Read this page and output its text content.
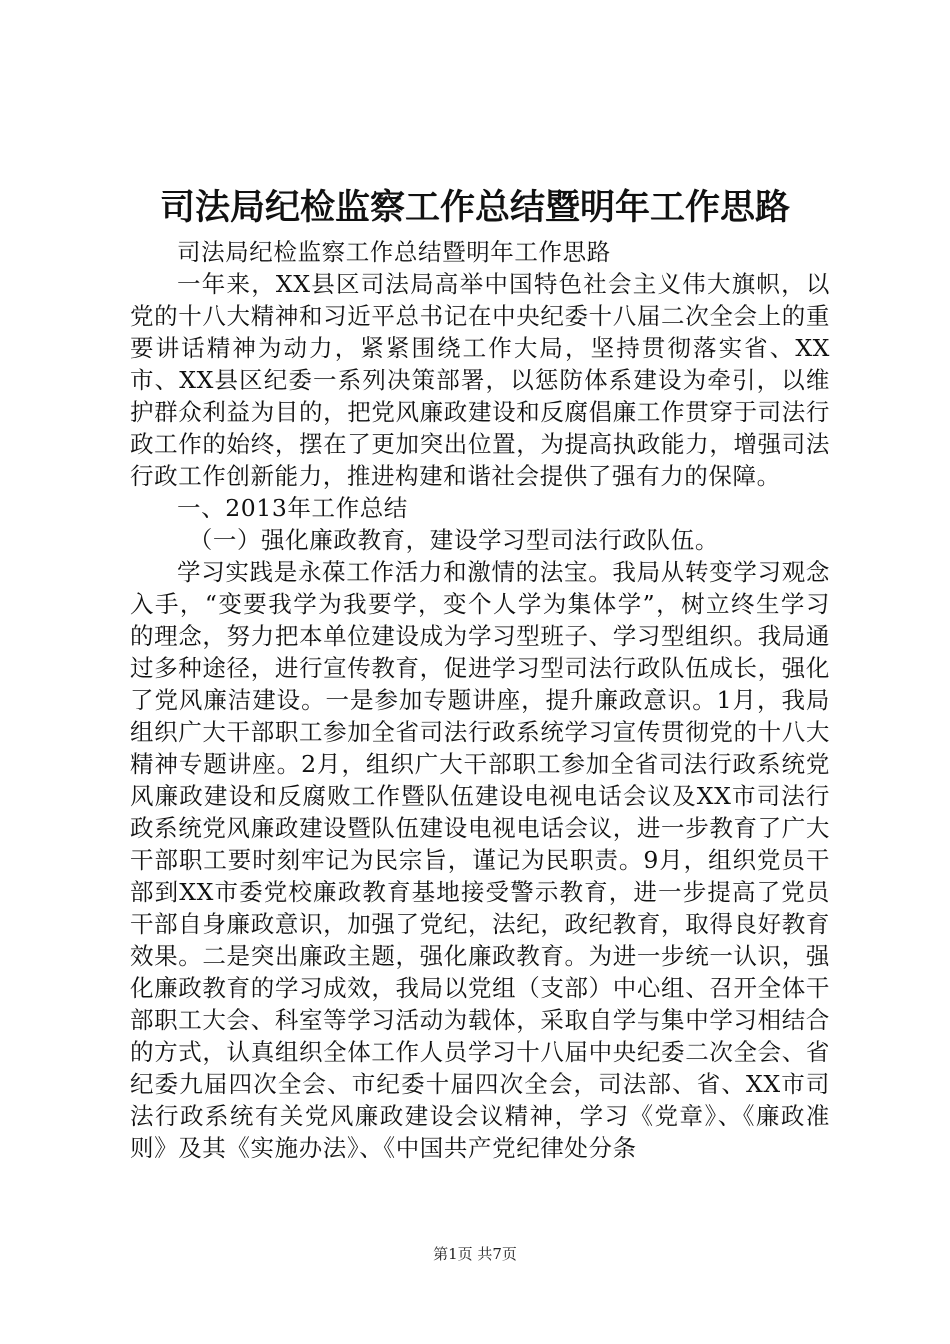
司法局纪检监察工作总结暨明年工作思路

司法局纪检监察工作总结暨明年工作思路

一年来，XX县区司法局高举中国特色社会主义伟大旗帜，以党的十八大精神和习近平总书记在中央纪委十八届二次全会上的重要讲话精神为动力，紧紧围绕工作大局，坚持贯彻落实省、XX市、XX县区纪委一系列决策部署，以惩防体系建设为牵引，以维护群众利益为目的，把党风廉政建设和反腐倡廉工作贯穿于司法行政工作的始终，摆在了更加突出位置，为提高执政能力，增强司法行政工作创新能力，推进构建和谐社会提供了强有力的保障。

一、2013年工作总结

（一）强化廉政教育，建设学习型司法行政队伍。

学习实践是永葆工作活力和激情的法宝。我局从转变学习观念入手，“变要我学为我要学，变个人学为集体学”，树立终生学习的理念，努力把本单位建设成为学习型班子、学习型组织。我局通过多种途径，进行宣传教育，促进学习型司法行政队伍成长，强化了党风廉洁建设。一是参加专题讲座，提升廉政意识。1月，我局组织广大干部职工参加全省司法行政系统学习宣传贯彻党的十八大精神专题讲座。2月，组织广大干部职工参加全省司法行政系统党风廉政建设和反腐败工作暨队伍建设电视电话会议及XX市司法行政系统党风廉政建设暨队伍建设电视电话会议，进一步教育了广大干部职工要时刻牢记为民宗旨，谨记为民职责。9月，组织党员干部到XX市委党校廉政教育基地接受警示教育，进一步提高了党员干部自身廉政意识，加强了党纪，法纪，政纪教育，取得良好教育效果。二是突出廉政主题，强化廉政教育。为进一步统一认识，强化廉政教育的学习成效，我局以党组（支部）中心组、召开全体干部职工大会、科室等学习活动为载体，采取自学与集中学习相结合的方式，认真组织全体工作人员学习十八届中央纪委二次全会、省纪委九届四次全会、市纪委十届四次全会，司法部、省、XX市司法行政系统有关党风廉政建设会议精神，学习《党章》、《廉政准则》及其《实施办法》、《中国共产党纪律处分条

第1页 共7页
